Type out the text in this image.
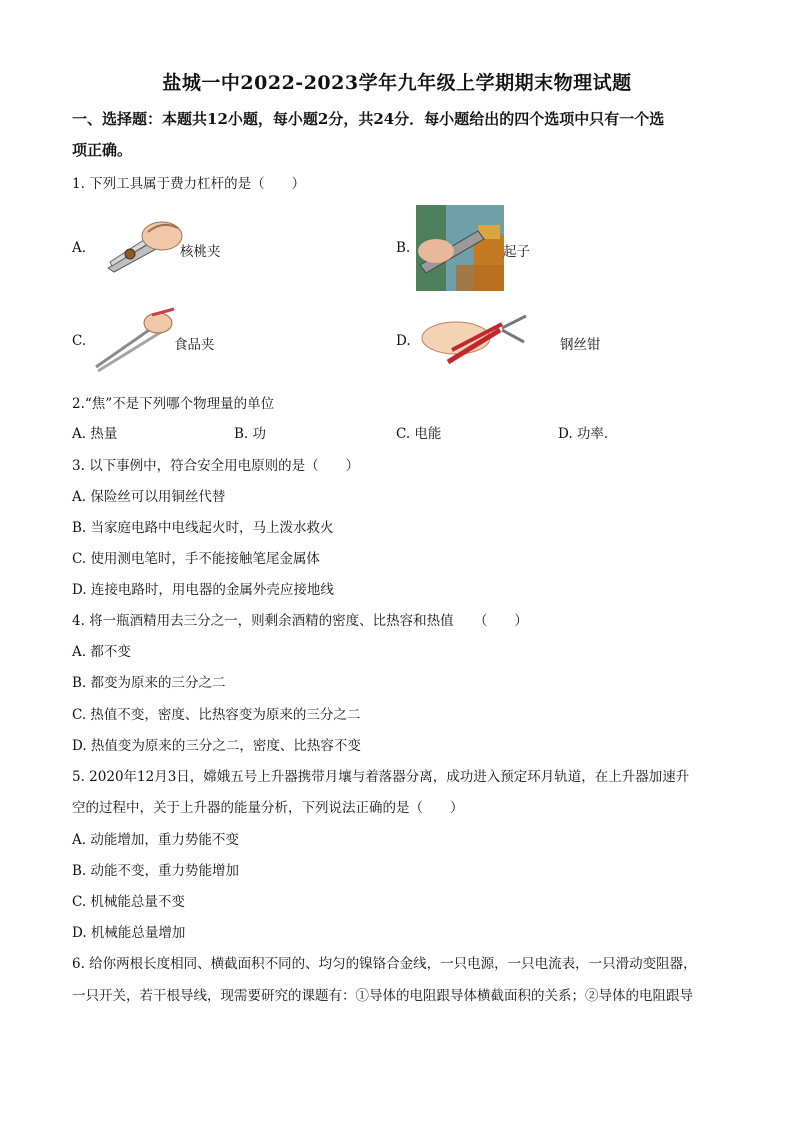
盐城一中2022-2023学年九年级上学期期末物理试题
一、选择题：本题共12小题，每小题2分，共24分．每小题给出的四个选项中只有一个选
项正确。
1. 下列工具属于费力杠杆的是（　　）
A.	核桃夹	B.	起子
C.	食品夹	D.	钢丝钳
2.“焦”不是下列哪个物理量的单位
A. 热量	B. 功	C. 电能	D. 功率．
3. 以下事例中，符合安全用电原则的是（　　）
A. 保险丝可以用铜丝代替
B. 当家庭电路中电线起火时，马上泼水救火
C. 使用测电笔时，手不能接触笔尾金属体
D. 连接电路时，用电器的金属外壳应接地线
4. 将一瓶酒精用去三分之一，则剩余酒精的密度、比热容和热值　　（　　）
A. 都不变
B. 都变为原来的三分之二
C. 热值不变，密度、比热容变为原来的三分之二
D. 热值变为原来的三分之二，密度、比热容不变
5. 2020年12月3日，嫦娥五号上升器携带月壤与着落器分离，成功进入预定环月轨道，在上升器加速升
空的过程中，关于上升器的能量分析，下列说法正确的是（　　）
A. 动能增加，重力势能不变
B. 动能不变，重力势能增加
C. 机械能总量不变
D. 机械能总量增加
6. 给你两根长度相同、横截面积不同的、均匀的镍铬合金线，一只电源，一只电流表，一只滑动变阻器，
一只开关，若干根导线，现需要研究的课题有：①导体的电阻跟导体横截面积的关系；②导体的电阻跟导
